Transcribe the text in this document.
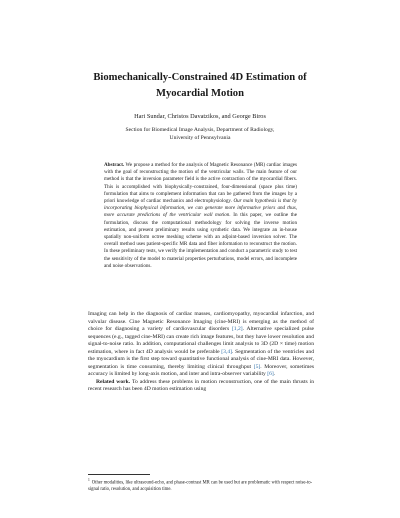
Biomechanically-Constrained 4D Estimation of
Myocardial Motion
Hari Sundar, Christos Davatzikos, and George Biros
Section for Biomedical Image Analysis, Department of Radiology,
University of Pennsylvania
Abstract. We propose a method for the analysis of Magnetic Resonance (MR) cardiac images with the goal of reconstructing the motion of the ventricular walls. The main feature of our method is that the inversion parameter field is the active contraction of the myocardial fibers. This is accomplished with biophysically-constrained, four-dimensional (space plus time) formulation that aims to complement information that can be gathered from the images by a priori knowledge of cardiac mechanics and electrophysiology. Our main hypothesis is that by incorporating biophysical information, we can generate more informative priors and thus, more accurate predictions of the ventricular wall motion. In this paper, we outline the formulation, discuss the computational methodology for solving the inverse motion estimation, and present preliminary results using synthetic data. We integrate an in-house spatially non-uniform octree meshing scheme with an adjoint-based inversion solver. The overall method uses patient-specific MR data and fiber information to reconstruct the motion. In these preliminary tests, we verify the implementation and conduct a parametric study to test the sensitivity of the model to material properties perturbations, model errors, and incomplete and noise observations.

Imaging can help in the diagnosis of cardiac masses, cardiomyopathy, myocardial infarction, and valvular disease. Cine Magnetic Resonance Imaging (cine-MRI) is emerging as the method of choice for diagnosing a variety of cardiovascular disorders [1,2]. Alternative specialized pulse sequences (e.g., tagged cine-MRI) can create rich image features, but they have lower resolution and signal-to-noise ratio. In addition, computational challenges limit analysis to 3D (2D × time) motion estimation, where in fact 4D analysis would be preferable [3,4]. Segmentation of the ventricles and the myocardium is the first step toward quantitative functional analysis of cine-MRI data. However, segmentation is time consuming, thereby limiting clinical throughput [5]. Moreover, sometimes accuracy is limited by long-axis motion, and inter and intra-observer variability [6].

Related work. To address these problems in motion reconstruction, one of the main thrusts in recent research has been 4D motion estimation using

$^1$Other modalities, like ultrasound-echo, and phase-contrast MR can be used but are problematic with respect noise-to-signal ratio, resolution, and acquisition time.
